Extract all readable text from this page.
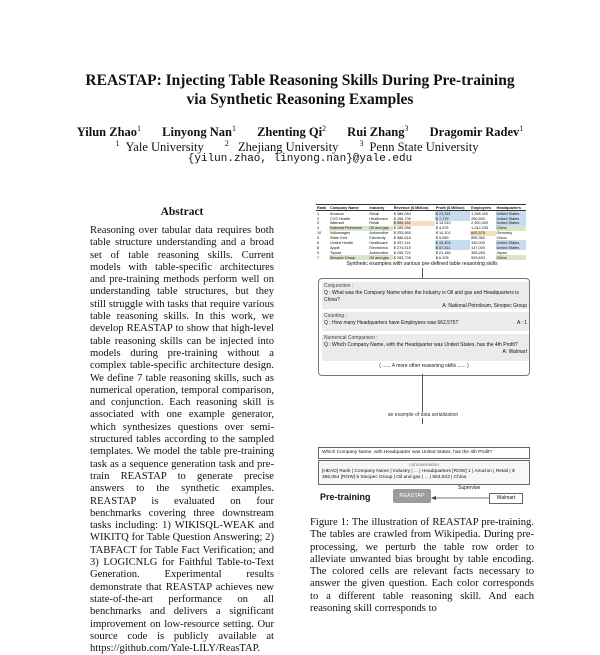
REASTAP: Injecting Table Reasoning Skills During Pre-training
via Synthetic Reasoning Examples
Yilun Zhao$^1$ Linyong Nan$^1$ Zhenting Qi$^2$ Rui Zhang$^3$ Dragomir Radev$^1$
$^1$ Yale University	$^2$ Zhejiang University	$^3$ Penn State University
{yilun.zhao, linyong.nan}@yale.edu
Abstract
Reasoning over tabular data requires both table structure understanding and a broad set of table reasoning skills. Current models with table-specific architectures and pre-training methods perform well on understanding table structures, but they still struggle with tasks that require various table reasoning skills. In this work, we develop REASTAP to show that high-level table reasoning skills can be injected into models during pre-training without a complex table-specific architecture design. We define 7 table reasoning skills, such as numerical operation, temporal comparison, and conjunction. Each reasoning skill is associated with one example generator, which synthesizes questions over semi-structured tables according to the sampled templates. We model the table pre-training task as a sequence generation task and pre-train REASTAP to generate precise answers to the synthetic examples. REASTAP is evaluated on four benchmarks covering three downstream tasks including: 1) WIKISQL-WEAK and WIKITQ for Table Question Answering; 2) TABFACT for Table Fact Verification; and 3) LOGICNLG for Faithful Table-to-Text Generation. Experimental results demonstrate that REASTAP achieves new state-of-the-art performance on all benchmarks and delivers a significant improvement on low-resource setting. Our source code is publicly available at https://github.com/Yale-LILY/ReasTAP.
Rank	Company Name	Industry	Revenue ($ Million)	Profit ($ Million)	Employees	Headquarters
1	Amazon	Retail	$ 386,064	$ 21,331	1,298,000	United States
2	CVS Health	Healthcare	$ 268,706	$ 7,179	256,500	United States
3	Walmart	Retail	$ 559,151	$ 13,510	2,300,000	United States
4	National Petroleum	Oil and gas	$ 283,958	$ 4,575	1,242,245	China
10	Volkswagen	Automotive	$ 253,965	$ 10,102	662,575	Germany
5	State Grid	Electricity	$ 386,618	$ 5,580	896,360	China
6	United Health	Healthcare	$ 257,141	$ 15,403	330,000	United States
8	Apple	Electronics	$ 274,515	$ 57,411	147,000	United States
9	Toyota	Automotive	$ 256,722	$ 21,180	366,283	Japan
7	Sinopec Group	Oil and gas	$ 283,728	$ 6,205	553,833	China
Synthetic examples with various pre-defined table reasoning skills
Conjunction :
Q : What was the Company Name when the Industry is Oil and gas and Headquarters is China?
A: National Petroleum, Sinopec Group
Counting :
Q : How many Headquarters have Employees was 662,575?	A : 1
Numerical Comparison :
Q : Which Company Name, with the Headquarter was United States, has the 4th Profit?
A: Walmart
( ...... 4 more other reasoning skills ...... )
an example of data serialization
Which Company Name, with Headquarter was United States, has the 4th Profit?
concatenation
[HEAD] Rank | Company Name | Industry | ... | Headquarters [ROW] 1 | Amazon | Retail | $ 386,064 [ROW] 5 Sinopec Group | Oil and gas | ... | 553,833 | China
Pre-training	REASTAP
Supervise
Walmart
Figure 1: The illustration of REASTAP pre-training. The tables are crawled from Wikipedia. During pre-processing, we perturb the table row order to alleviate unwanted bias brought by table encoding. The colored cells are relevant facts necessary to answer the given question. Each color corresponds to a different table reasoning skill. And each reasoning skill corresponds to
